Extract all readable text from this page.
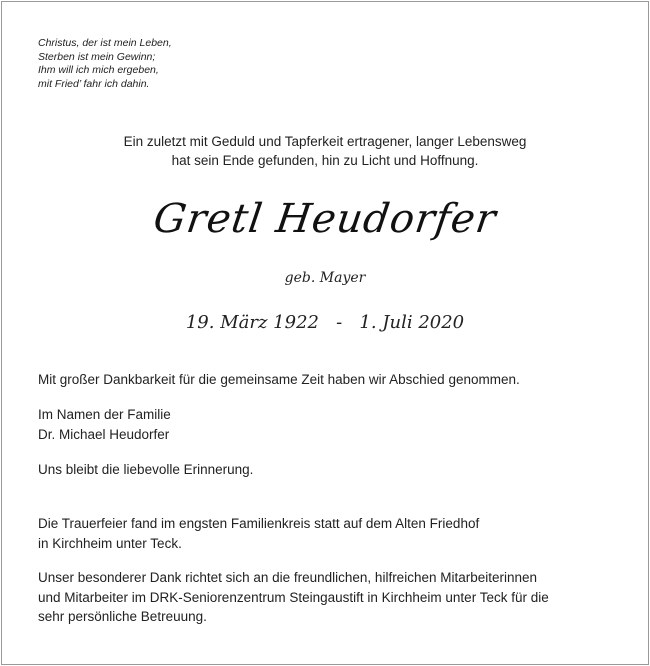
Christus, der ist mein Leben,
Sterben ist mein Gewinn;
Ihm will ich mich ergeben,
mit Fried’ fahr ich dahin.
Ein zuletzt mit Geduld und Tapferkeit ertragener, langer Lebensweg
hat sein Ende gefunden, hin zu Licht und Hoffnung.
Gretl Heudorfer
geb. Mayer
19. März 1922   -   1. Juli 2020
Mit großer Dankbarkeit für die gemeinsame Zeit haben wir Abschied genommen.
Im Namen der Familie
Dr. Michael Heudorfer
Uns bleibt die liebevolle Erinnerung.
Die Trauerfeier fand im engsten Familienkreis statt auf dem Alten Friedhof
in Kirchheim unter Teck.
Unser besonderer Dank richtet sich an die freundlichen, hilfreichen Mitarbeiterinnen
und Mitarbeiter im DRK-Seniorenzentrum Steingaustift in Kirchheim unter Teck für die
sehr persönliche Betreuung.
